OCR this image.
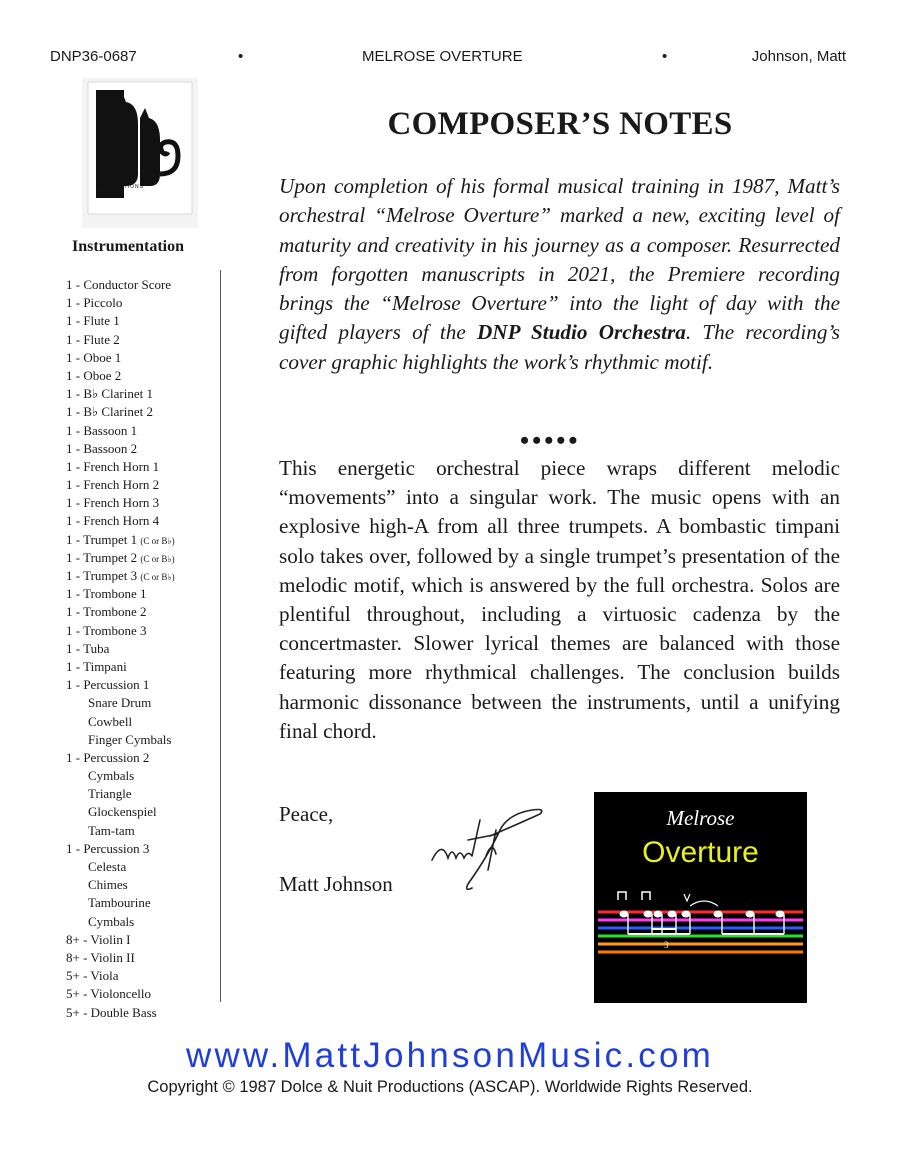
DNP36-0687	•	MELROSE OVERTURE	•	Johnson, Matt
A
DOLCE
& NUIT
PRODUCTIONS
Instrumentation
1 - Conductor Score
1 - Piccolo
1 - Flute 1
1 - Flute 2
1 - Oboe 1
1 - Oboe 2
1 - B♭ Clarinet 1
1 - B♭ Clarinet 2
1 - Bassoon 1
1 - Bassoon 2
1 - French Horn 1
1 - French Horn 2
1 - French Horn 3
1 - French Horn 4
1 - Trumpet 1 (C or B♭)
1 - Trumpet 2 (C or B♭)
1 - Trumpet 3 (C or B♭)
1 - Trombone 1
1 - Trombone 2
1 - Trombone 3
1 - Tuba
1 - Timpani
1 - Percussion 1
Snare Drum
Cowbell
Finger Cymbals
1 - Percussion 2
Cymbals
Triangle
Glockenspiel
Tam-tam
1 - Percussion 3
Celesta
Chimes
Tambourine
Cymbals
8+ - Violin I
8+ - Violin II
5+ - Viola
5+ - Violoncello
5+ - Double Bass
COMPOSER’S NOTES

Upon completion of his formal musical training in 1987, Matt’s orchestral “Melrose Overture” marked a new, exciting level of maturity and creativity in his journey as a composer. Resurrected from forgotten manuscripts in 2021, the Premiere recording brings the “Melrose Overture” into the light of day with the gifted players of the DNP Studio Orchestra. The recording’s cover graphic highlights the work’s rhythmic motif.

•••••

This energetic orchestral piece wraps different melodic “movements” into a singular work. The music opens with an explosive high-A from all three trumpets. A bombastic timpani solo takes over, followed by a single trumpet’s presentation of the melodic motif, which is answered by the full orchestra. Solos are plentiful throughout, including a virtuosic cadenza by the concertmaster. Slower lyrical themes are balanced with those featuring more rhythmical challenges. The conclusion builds harmonic dissonance between the instruments, until a unifying final chord.

Peace,
Matt Johnson
Melrose
Overture
3
www.MattJohnsonMusic.com
Copyright © 1987 Dolce & Nuit Productions (ASCAP). Worldwide Rights Reserved.
